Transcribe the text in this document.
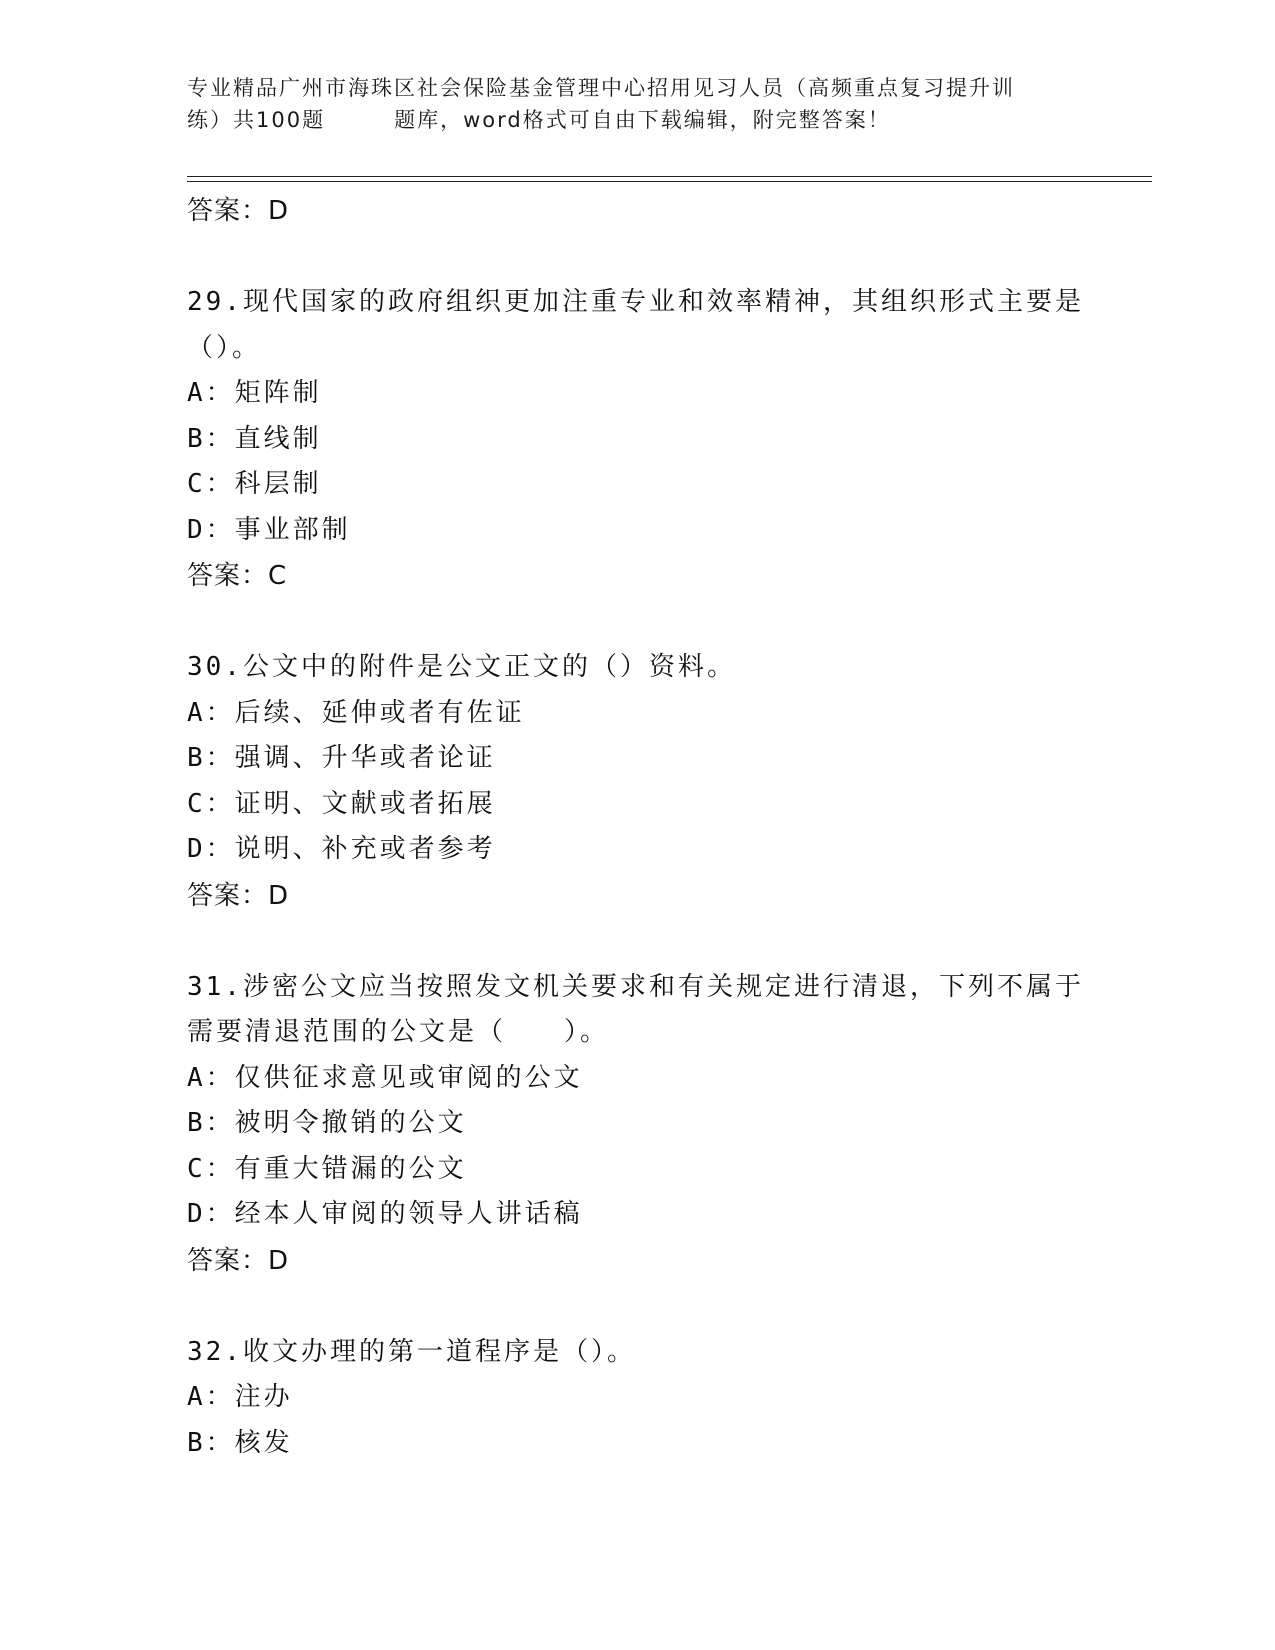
专业精品广州市海珠区社会保险基金管理中心招用见习人员（高频重点复习提升训
练）共100题　　　题库，word格式可自由下载编辑，附完整答案！
答案：D
29.现代国家的政府组织更加注重专业和效率精神，其组织形式主要是
（）。
A：矩阵制
B：直线制
C：科层制
D：事业部制
答案：C
30.公文中的附件是公文正文的（）资料。
A：后续、延伸或者有佐证
B：强调、升华或者论证
C：证明、文献或者拓展
D：说明、补充或者参考
答案：D
31.涉密公文应当按照发文机关要求和有关规定进行清退，下列不属于
需要清退范围的公文是（　　）。
A：仅供征求意见或审阅的公文
B：被明令撤销的公文
C：有重大错漏的公文
D：经本人审阅的领导人讲话稿
答案：D
32.收文办理的第一道程序是（）。
A：注办
B：核发
